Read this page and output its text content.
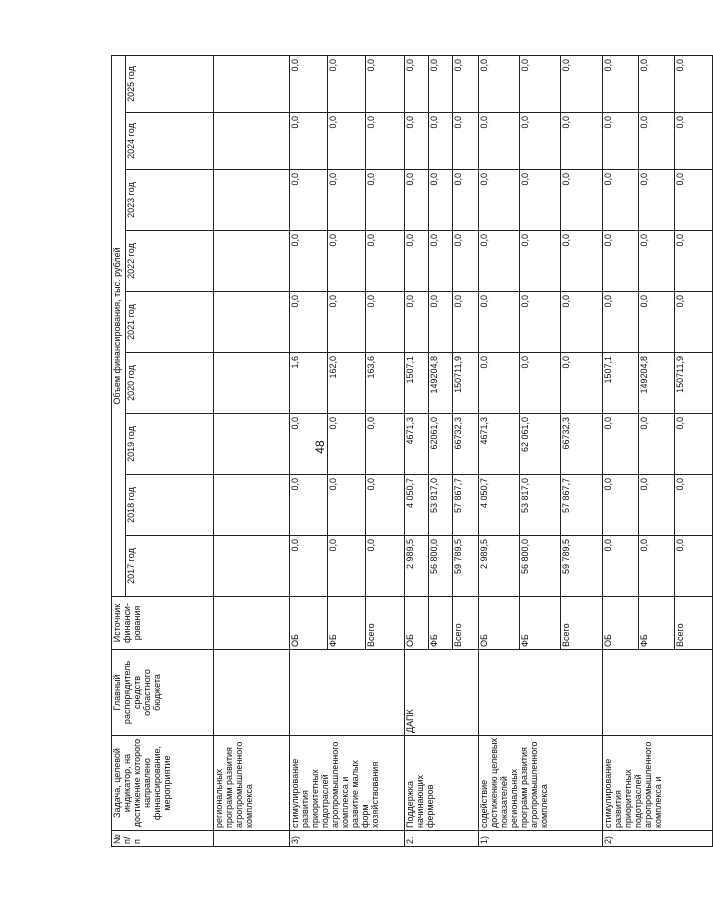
48
№ п/п	Задача, целевой индикатор, на достижение которого направлено финансирование, мероприятие	Главный распорядитель средств областного бюджета	Источник финанси-рования	Объем финансирования, тыс. рублей								
				2017 год	2018 год	2019 год	2020 год	2021 год	2022 год	2023 год	2024 год	2025 год
	региональных программ развития агропромышленного комплекса											
3)	стимулирование развития приоритетных подотраслей агропромышленного комплекса и развитие малых форм хозяйствования		ОБ	0,0	0,0	0,0	1,6	0,0	0,0	0,0	0,0	0,0
			ФБ	0,0	0,0	0,0	162,0	0,0	0,0	0,0	0,0	0,0
			Всего	0,0	0,0	0,0	163,6	0,0	0,0	0,0	0,0	0,0
2.	Поддержка начинающих фермеров	ДАПК	ОБ	2 989,5	4 050,7	4671,3	1507,1	0,0	0,0	0,0	0,0	0,0
			ФБ	56 800,0	53 817,0	62061,0	149204,8	0,0	0,0	0,0	0,0	0,0
			Всего	59 789,5	57 867,7	66732,3	150711,9	0,0	0,0	0,0	0,0	0,0
1)	содействие достижению целевых показателей региональных программ развития агропромышленного комплекса		ОБ	2 989,5	4 050,7	4671,3	0,0	0,0	0,0	0,0	0,0	0,0
			ФБ	56 800,0	53 817,0	62 061,0	0,0	0,0	0,0	0,0	0,0	0,0
			Всего	59 789,5	57 867,7	66732,3	0,0	0,0	0,0	0,0	0,0	0,0
2)	стимулирование развития приоритетных подотраслей агропромышленного комплекса и		ОБ	0,0	0,0	0,0	1507,1	0,0	0,0	0,0	0,0	0,0
			ФБ	0,0	0,0	0,0	149204,8	0,0	0,0	0,0	0,0	0,0
			Всего	0,0	0,0	0,0	150711,9	0,0	0,0	0,0	0,0	0,0
